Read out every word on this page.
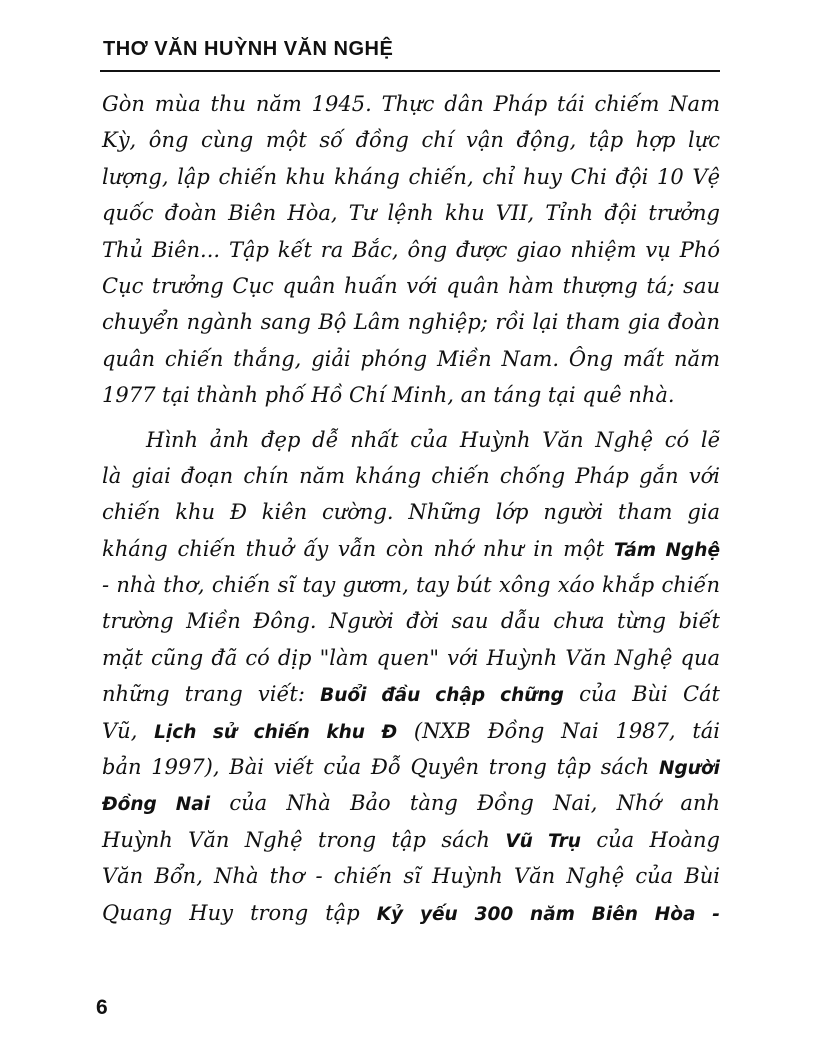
THƠ VĂN HUỲNH VĂN NGHỆ
Gòn mùa thu năm 1945. Thực dân Pháp tái chiếm Nam
Kỳ, ông cùng một số đồng chí vận động, tập hợp lực
lượng, lập chiến khu kháng chiến, chỉ huy Chi đội 10 Vệ
quốc đoàn Biên Hòa, Tư lệnh khu VII, Tỉnh đội trưởng
Thủ Biên... Tập kết ra Bắc, ông được giao nhiệm vụ Phó
Cục trưởng Cục quân huấn với quân hàm thượng tá; sau
chuyển ngành sang Bộ Lâm nghiệp; rồi lại tham gia đoàn
quân chiến thắng, giải phóng Miền Nam. Ông mất năm
1977 tại thành phố Hồ Chí Minh, an táng tại quê nhà.
Hình ảnh đẹp dễ nhất của Huỳnh Văn Nghệ có lẽ
là giai đoạn chín năm kháng chiến chống Pháp gắn với
chiến khu Đ kiên cường. Những lớp người tham gia
kháng chiến thuở ấy vẫn còn nhớ như in một Tám Nghệ
- nhà thơ, chiến sĩ tay gươm, tay bút xông xáo khắp chiến
trường Miền Đông. Người đời sau dẫu chưa từng biết
mặt cũng đã có dịp "làm quen" với Huỳnh Văn Nghệ qua
những trang viết: Buổi đầu chập chững của Bùi Cát
Vũ, Lịch sử chiến khu Đ (NXB Đồng Nai 1987, tái
bản 1997), Bài viết của Đỗ Quyên trong tập sách Người
Đồng Nai của Nhà Bảo tàng Đồng Nai, Nhớ anh
Huỳnh Văn Nghệ trong tập sách Vũ Trụ của Hoàng
Văn Bổn, Nhà thơ - chiến sĩ Huỳnh Văn Nghệ của Bùi
Quang Huy trong tập Kỷ yếu 300 năm Biên Hòa -
6
